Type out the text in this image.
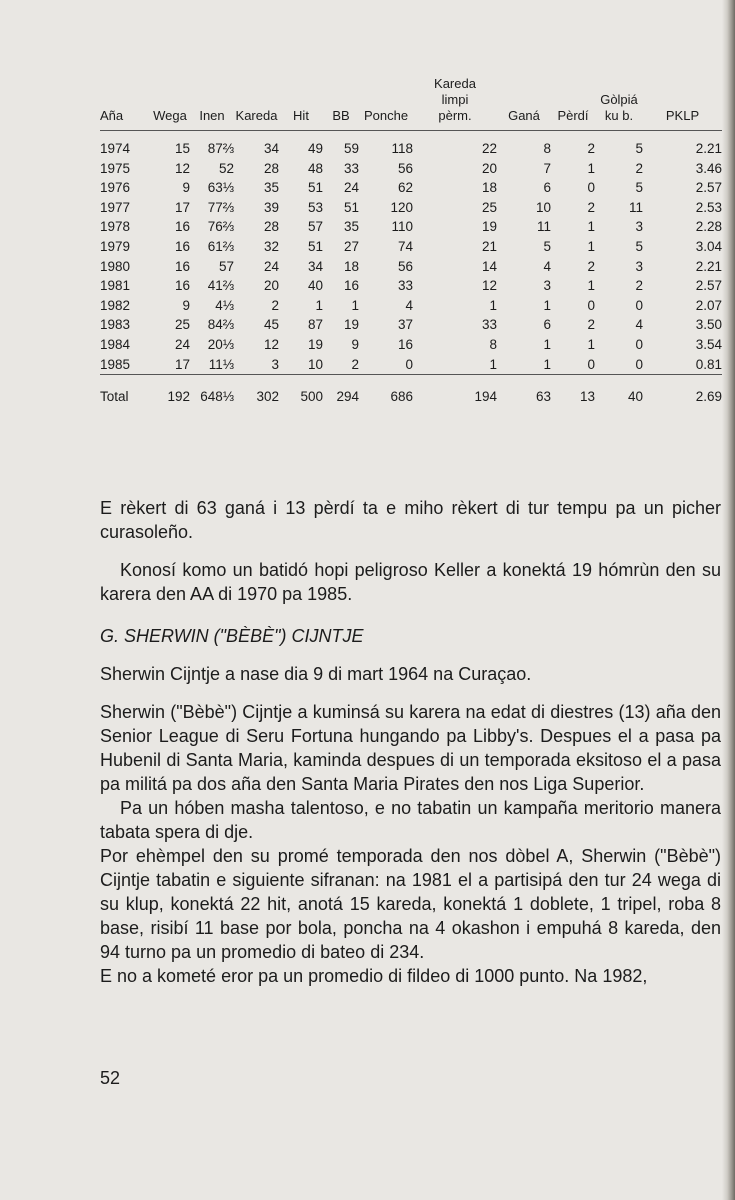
Aña	Wega	Inen	Kareda	Hit	BB	Ponche	Kareda
limpi
pèrm.	Ganá	Pèrdí	Gòlpiá
ku b.	PKLP
1974	15	87⅔	34	49	59	118	22	8	2	5	2.21
1975	12	52	28	48	33	56	20	7	1	2	3.46
1976	9	63⅓	35	51	24	62	18	6	0	5	2.57
1977	17	77⅔	39	53	51	120	25	10	2	11	2.53
1978	16	76⅔	28	57	35	110	19	11	1	3	2.28
1979	16	61⅔	32	51	27	74	21	5	1	5	3.04
1980	16	57	24	34	18	56	14	4	2	3	2.21
1981	16	41⅔	20	40	16	33	12	3	1	2	2.57
1982	9	4⅓	2	1	1	4	1	1	0	0	2.07
1983	25	84⅔	45	87	19	37	33	6	2	4	3.50
1984	24	20⅓	12	19	9	16	8	1	1	0	3.54
1985	17	11⅓	3	10	2	0	1	1	0	0	0.81
Total	192	648⅓	302	500	294	686	194	63	13	40	2.69

E rèkert di 63 ganá i 13 pèrdí ta e miho rèkert di tur tempu pa un picher curasoleño.

Konosí komo un batidó hopi peligroso Keller a konektá 19 hómrùn den su karera den AA di 1970 pa 1985.

G. SHERWIN ("BÈBÈ") CIJNTJE

Sherwin Cijntje a nase dia 9 di mart 1964 na Curaçao.

Sherwin ("Bèbè") Cijntje a kuminsá su karera na edat di diestres (13) aña den Senior League di Seru Fortuna hungando pa Libby's. Despues el a pasa pa Hubenil di Santa Maria, kaminda despues di un temporada eksitoso el a pasa pa militá pa dos aña den Santa Maria Pirates den nos Liga Superior.

Pa un hóben masha talentoso, e no tabatin un kampaña meritorio manera tabata spera di dje.

Por ehèmpel den su promé temporada den nos dòbel A, Sherwin ("Bèbè") Cijntje tabatin e siguiente sifranan: na 1981 el a partisipá den tur 24 wega di su klup, konektá 22 hit, anotá 15 kareda, konektá 1 doblete, 1 tripel, roba 8 base, risibí 11 base por bola, poncha na 4 okashon i empuhá 8 kareda, den 94 turno pa un promedio di bateo di 234.

E no a kometé eror pa un promedio di fildeo di 1000 punto. Na 1982,

52
